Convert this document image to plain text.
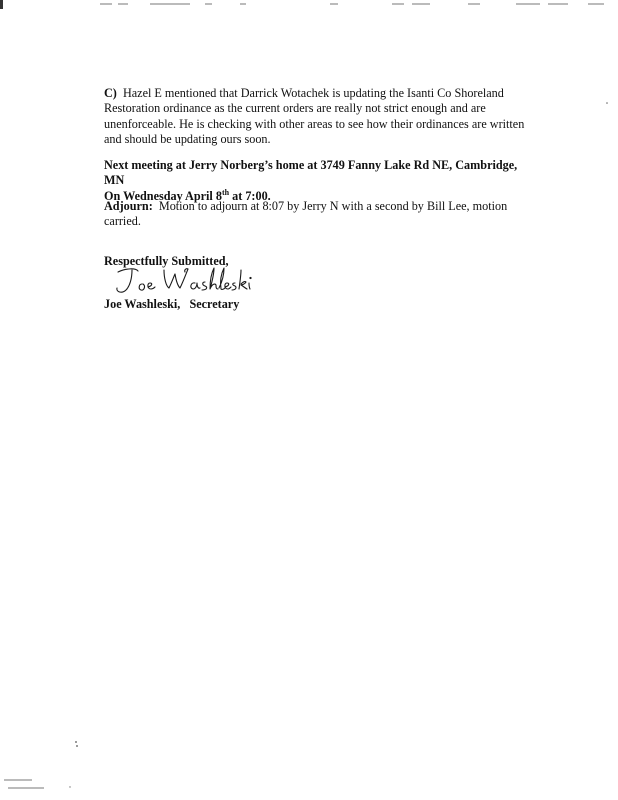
C) Hazel E mentioned that Darrick Wotachek is updating the Isanti Co Shoreland Restoration ordinance as the current orders are really not strict enough and are unenforceable. He is checking with other areas to see how their ordinances are written and should be updating ours soon.

Next meeting at Jerry Norberg’s home at 3749 Fanny Lake Rd NE, Cambridge, MN
On Wednesday April 8th at 7:00.

Adjourn: Motion to adjourn at 8:07 by Jerry N with a second by Bill Lee, motion carried.

Respectfully Submitted,

Joe Washleski, Secretary
